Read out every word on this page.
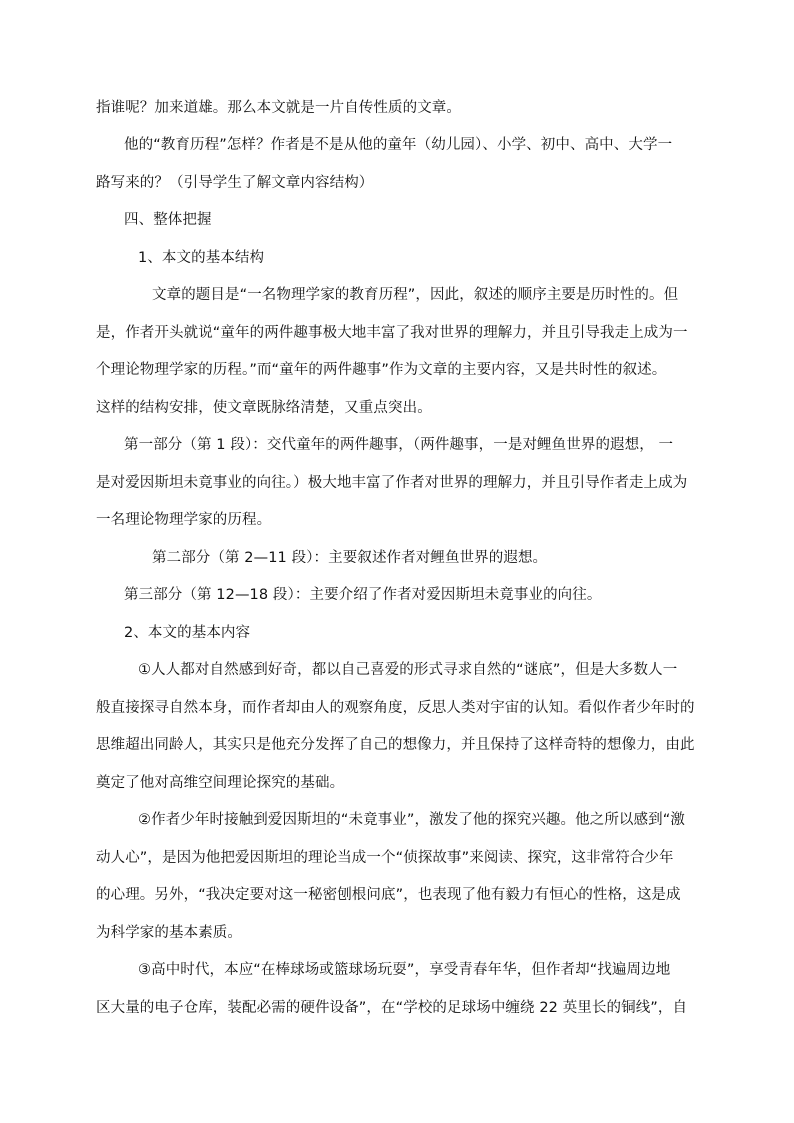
指谁呢？加来道雄。那么本文就是一片自传性质的文章。
他的“教育历程”怎样？作者是不是从他的童年（幼儿园）、小学、初中、高中、大学一
路写来的？（引导学生了解文章内容结构）
四、整体把握
1、本文的基本结构
文章的题目是“一名物理学家的教育历程”，因此，叙述的顺序主要是历时性的。但
是，作者开头就说“童年的两件趣事极大地丰富了我对世界的理解力，并且引导我走上成为一
个理论物理学家的历程。”而“童年的两件趣事”作为文章的主要内容，又是共时性的叙述。
这样的结构安排，使文章既脉络清楚，又重点突出。
第一部分（第 1 段）：交代童年的两件趣事，（两件趣事，一是对鲤鱼世界的遐想， 一
是对爱因斯坦未竟事业的向往。）极大地丰富了作者对世界的理解力，并且引导作者走上成为
一名理论物理学家的历程。
第二部分（第 2—11 段）：主要叙述作者对鲤鱼世界的遐想。
第三部分（第 12—18 段）：主要介绍了作者对爱因斯坦未竟事业的向往。
2、本文的基本内容
①人人都对自然感到好奇，都以自己喜爱的形式寻求自然的“谜底”，但是大多数人一
般直接探寻自然本身，而作者却由人的观察角度，反思人类对宇宙的认知。看似作者少年时的
思维超出同龄人，其实只是他充分发挥了自己的想像力，并且保持了这样奇特的想像力，由此
奠定了他对高维空间理论探究的基础。
②作者少年时接触到爱因斯坦的“未竟事业”，激发了他的探究兴趣。他之所以感到“激
动人心”，是因为他把爱因斯坦的理论当成一个“侦探故事”来阅读、探究，这非常符合少年
的心理。另外，“我决定要对这一秘密刨根问底”，也表现了他有毅力有恒心的性格，这是成
为科学家的基本素质。
③高中时代，本应“在棒球场或篮球场玩耍”，享受青春年华，但作者却“找遍周边地
区大量的电子仓库，装配必需的硬件设备”，在“学校的足球场中缠绕 22 英里长的铜线”，自
